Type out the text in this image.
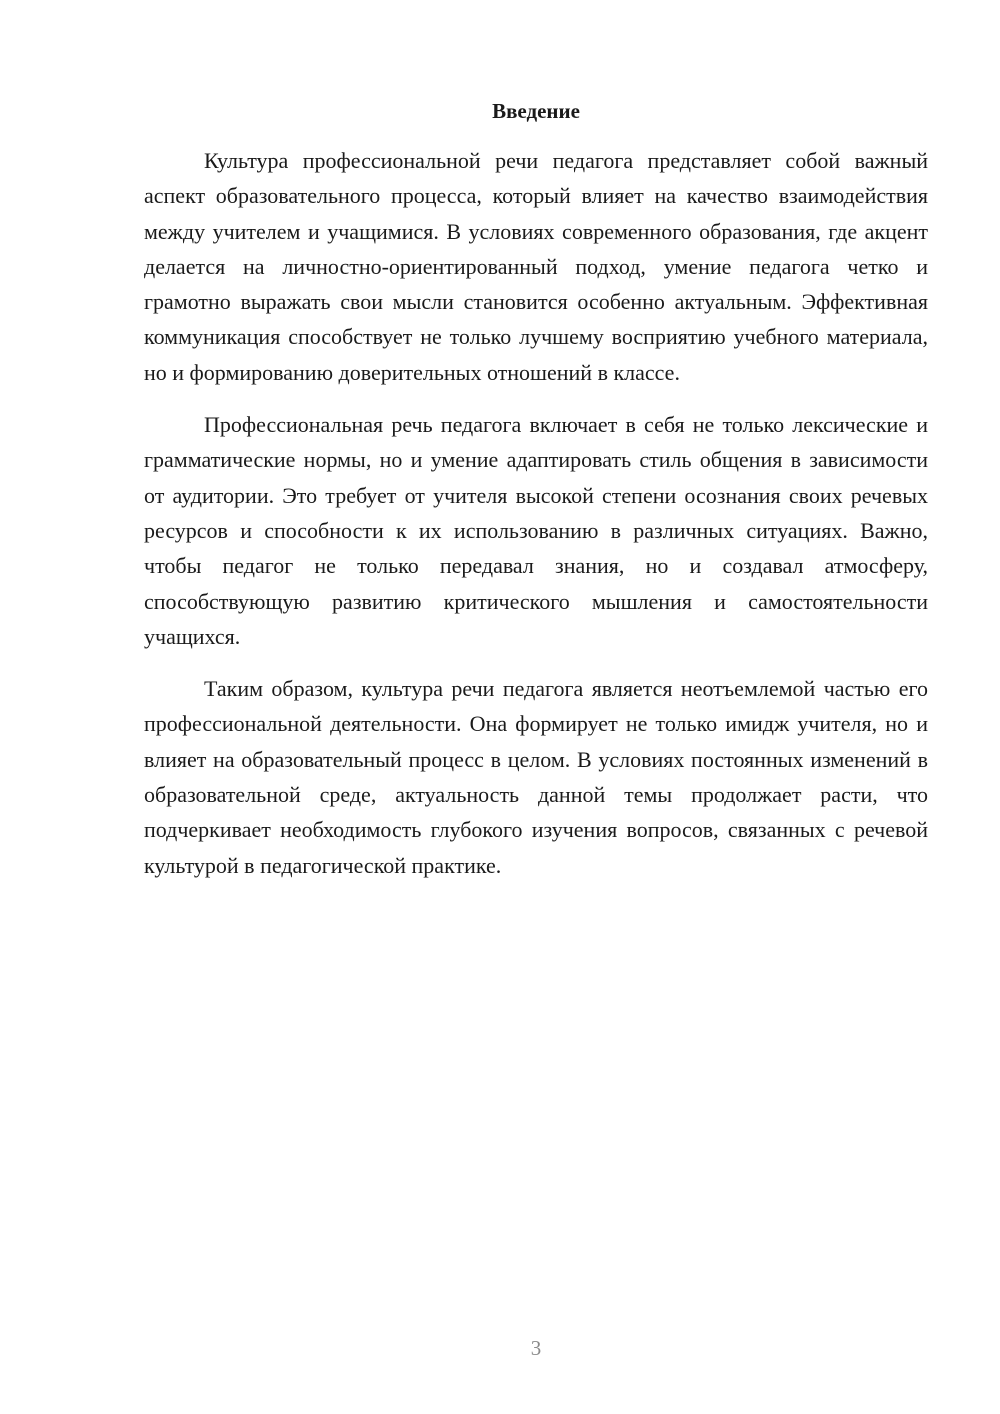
Введение

Культура профессиональной речи педагога представляет собой важный аспект образовательного процесса, который влияет на качество взаимодействия между учителем и учащимися. В условиях современного образования, где акцент делается на личностно-ориентированный подход, умение педагога четко и грамотно выражать свои мысли становится особенно актуальным. Эффективная коммуникация способствует не только лучшему восприятию учебного материала, но и формированию доверительных отношений в классе.

Профессиональная речь педагога включает в себя не только лексические и грамматические нормы, но и умение адаптировать стиль общения в зависимости от аудитории. Это требует от учителя высокой степени осознания своих речевых ресурсов и способности к их использованию в различных ситуациях. Важно, чтобы педагог не только передавал знания, но и создавал атмосферу, способствующую развитию критического мышления и самостоятельности учащихся.

Таким образом, культура речи педагога является неотъемлемой частью его профессиональной деятельности. Она формирует не только имидж учителя, но и влияет на образовательный процесс в целом. В условиях постоянных изменений в образовательной среде, актуальность данной темы продолжает расти, что подчеркивает необходимость глубокого изучения вопросов, связанных с речевой культурой в педагогической практике.

3
